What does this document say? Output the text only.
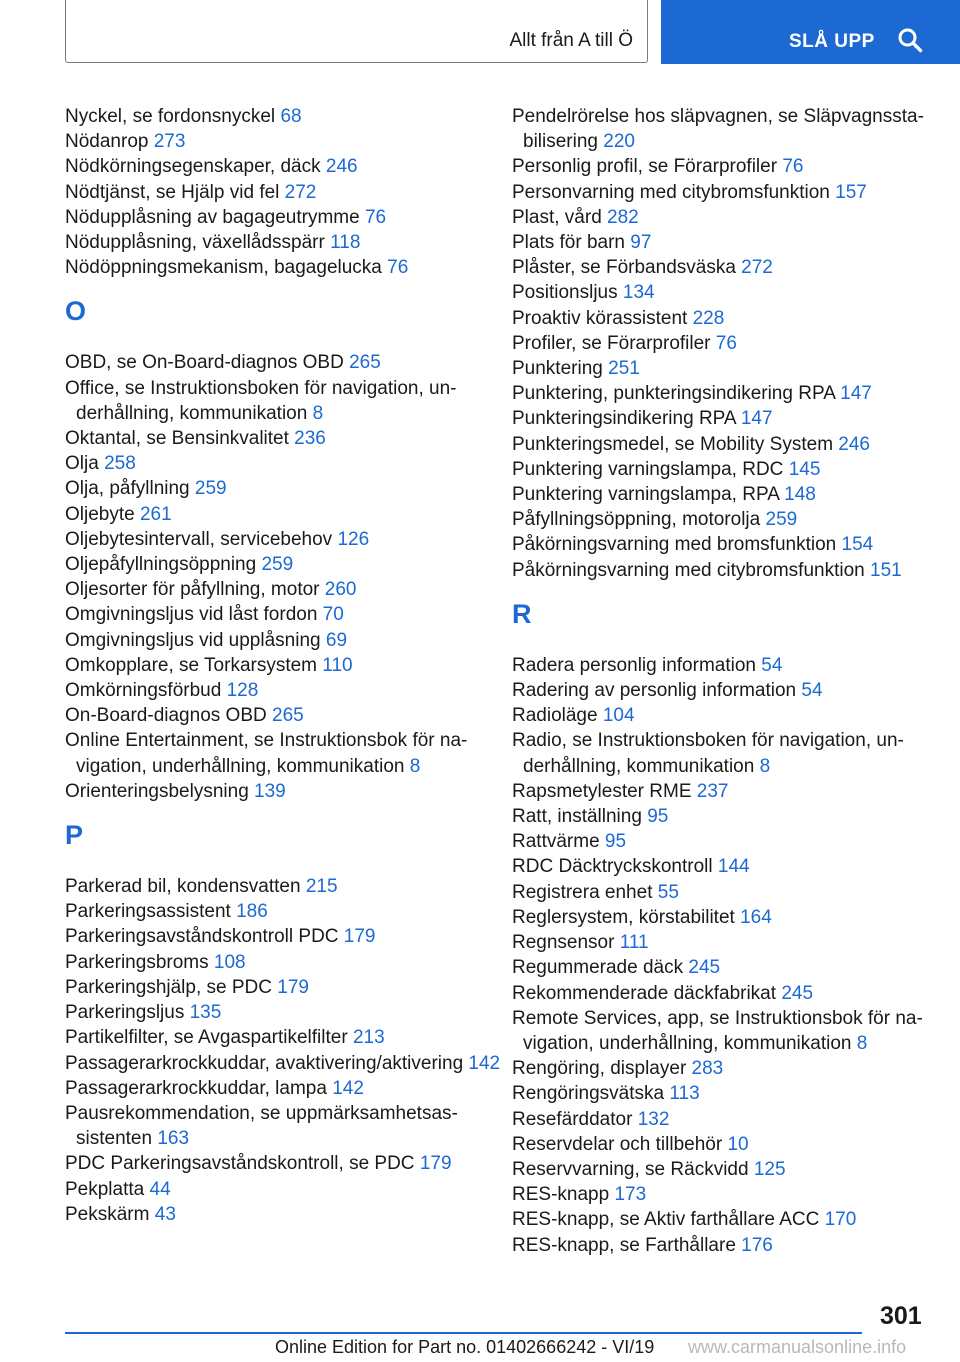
Allt från A till Ö	SLÅ UPP

Nyckel, se fordonsnyckel 68

Nödanrop 273

Nödkörningsegenskaper, däck 246

Nödtjänst, se Hjälp vid fel 272

Nödupplåsning av bagageutrymme 76

Nödupplåsning, växellådsspärr 118

Nödöppningsmekanism, bagagelucka 76

O

OBD, se On-Board-diagnos OBD 265

Office, se Instruktionsboken för navigation, underhållning, kommunikation 8

Oktantal, se Bensinkvalitet 236

Olja 258

Olja, påfyllning 259

Oljebyte 261

Oljebytesintervall, servicebehov 126

Oljepåfyllningsöppning 259

Oljesorter för påfyllning, motor 260

Omgivningsljus vid låst fordon 70

Omgivningsljus vid upplåsning 69

Omkopplare, se Torkarsystem 110

Omkörningsförbud 128

On-Board-diagnos OBD 265

Online Entertainment, se Instruktionsbok för navigation, underhållning, kommunikation 8

Orienteringsbelysning 139

P

Parkerad bil, kondensvatten 215

Parkeringsassistent 186

Parkeringsavståndskontroll PDC 179

Parkeringsbroms 108

Parkeringshjälp, se PDC 179

Parkeringsljus 135

Partikelfilter, se Avgaspartikelfilter 213

Passagerarkrockkuddar, avaktivering/aktivering 142

Passagerarkrockkuddar, lampa 142

Pausrekommendation, se uppmärksamhetsassistenten 163

PDC Parkeringsavståndskontroll, se PDC 179

Pekplatta 44

Pekskärm 43

Pendelrörelse hos släpvagnen, se Släpvagnsstabilisering 220

Personlig profil, se Förarprofiler 76

Personvarning med citybromsfunktion 157

Plast, vård 282

Plats för barn 97

Plåster, se Förbandsväska 272

Positionsljus 134

Proaktiv körassistent 228

Profiler, se Förarprofiler 76

Punktering 251

Punktering, punkteringsindikering RPA 147

Punkteringsindikering RPA 147

Punkteringsmedel, se Mobility System 246

Punktering varningslampa, RDC 145

Punktering varningslampa, RPA 148

Påfyllningsöppning, motorolja 259

Påkörningsvarning med bromsfunktion 154

Påkörningsvarning med citybromsfunktion 151

R

Radera personlig information 54

Radering av personlig information 54

Radioläge 104

Radio, se Instruktionsboken för navigation, underhållning, kommunikation 8

Rapsmetylester RME 237

Ratt, inställning 95

Rattvärme 95

RDC Däcktryckskontroll 144

Registrera enhet 55

Reglersystem, körstabilitet 164

Regnsensor 111

Regummerade däck 245

Rekommenderade däckfabrikat 245

Remote Services, app, se Instruktionsbok för navigation, underhållning, kommunikation 8

Rengöring, displayer 283

Rengöringsvätska 113

Resefärddator 132

Reservdelar och tillbehör 10

Reservvarning, se Räckvidd 125

RES-knapp 173

RES-knapp, se Aktiv farthållare ACC 170

RES-knapp, se Farthållare 176

301
Online Edition for Part no. 01402666242 - VI/19 www.carmanualsonline.info
